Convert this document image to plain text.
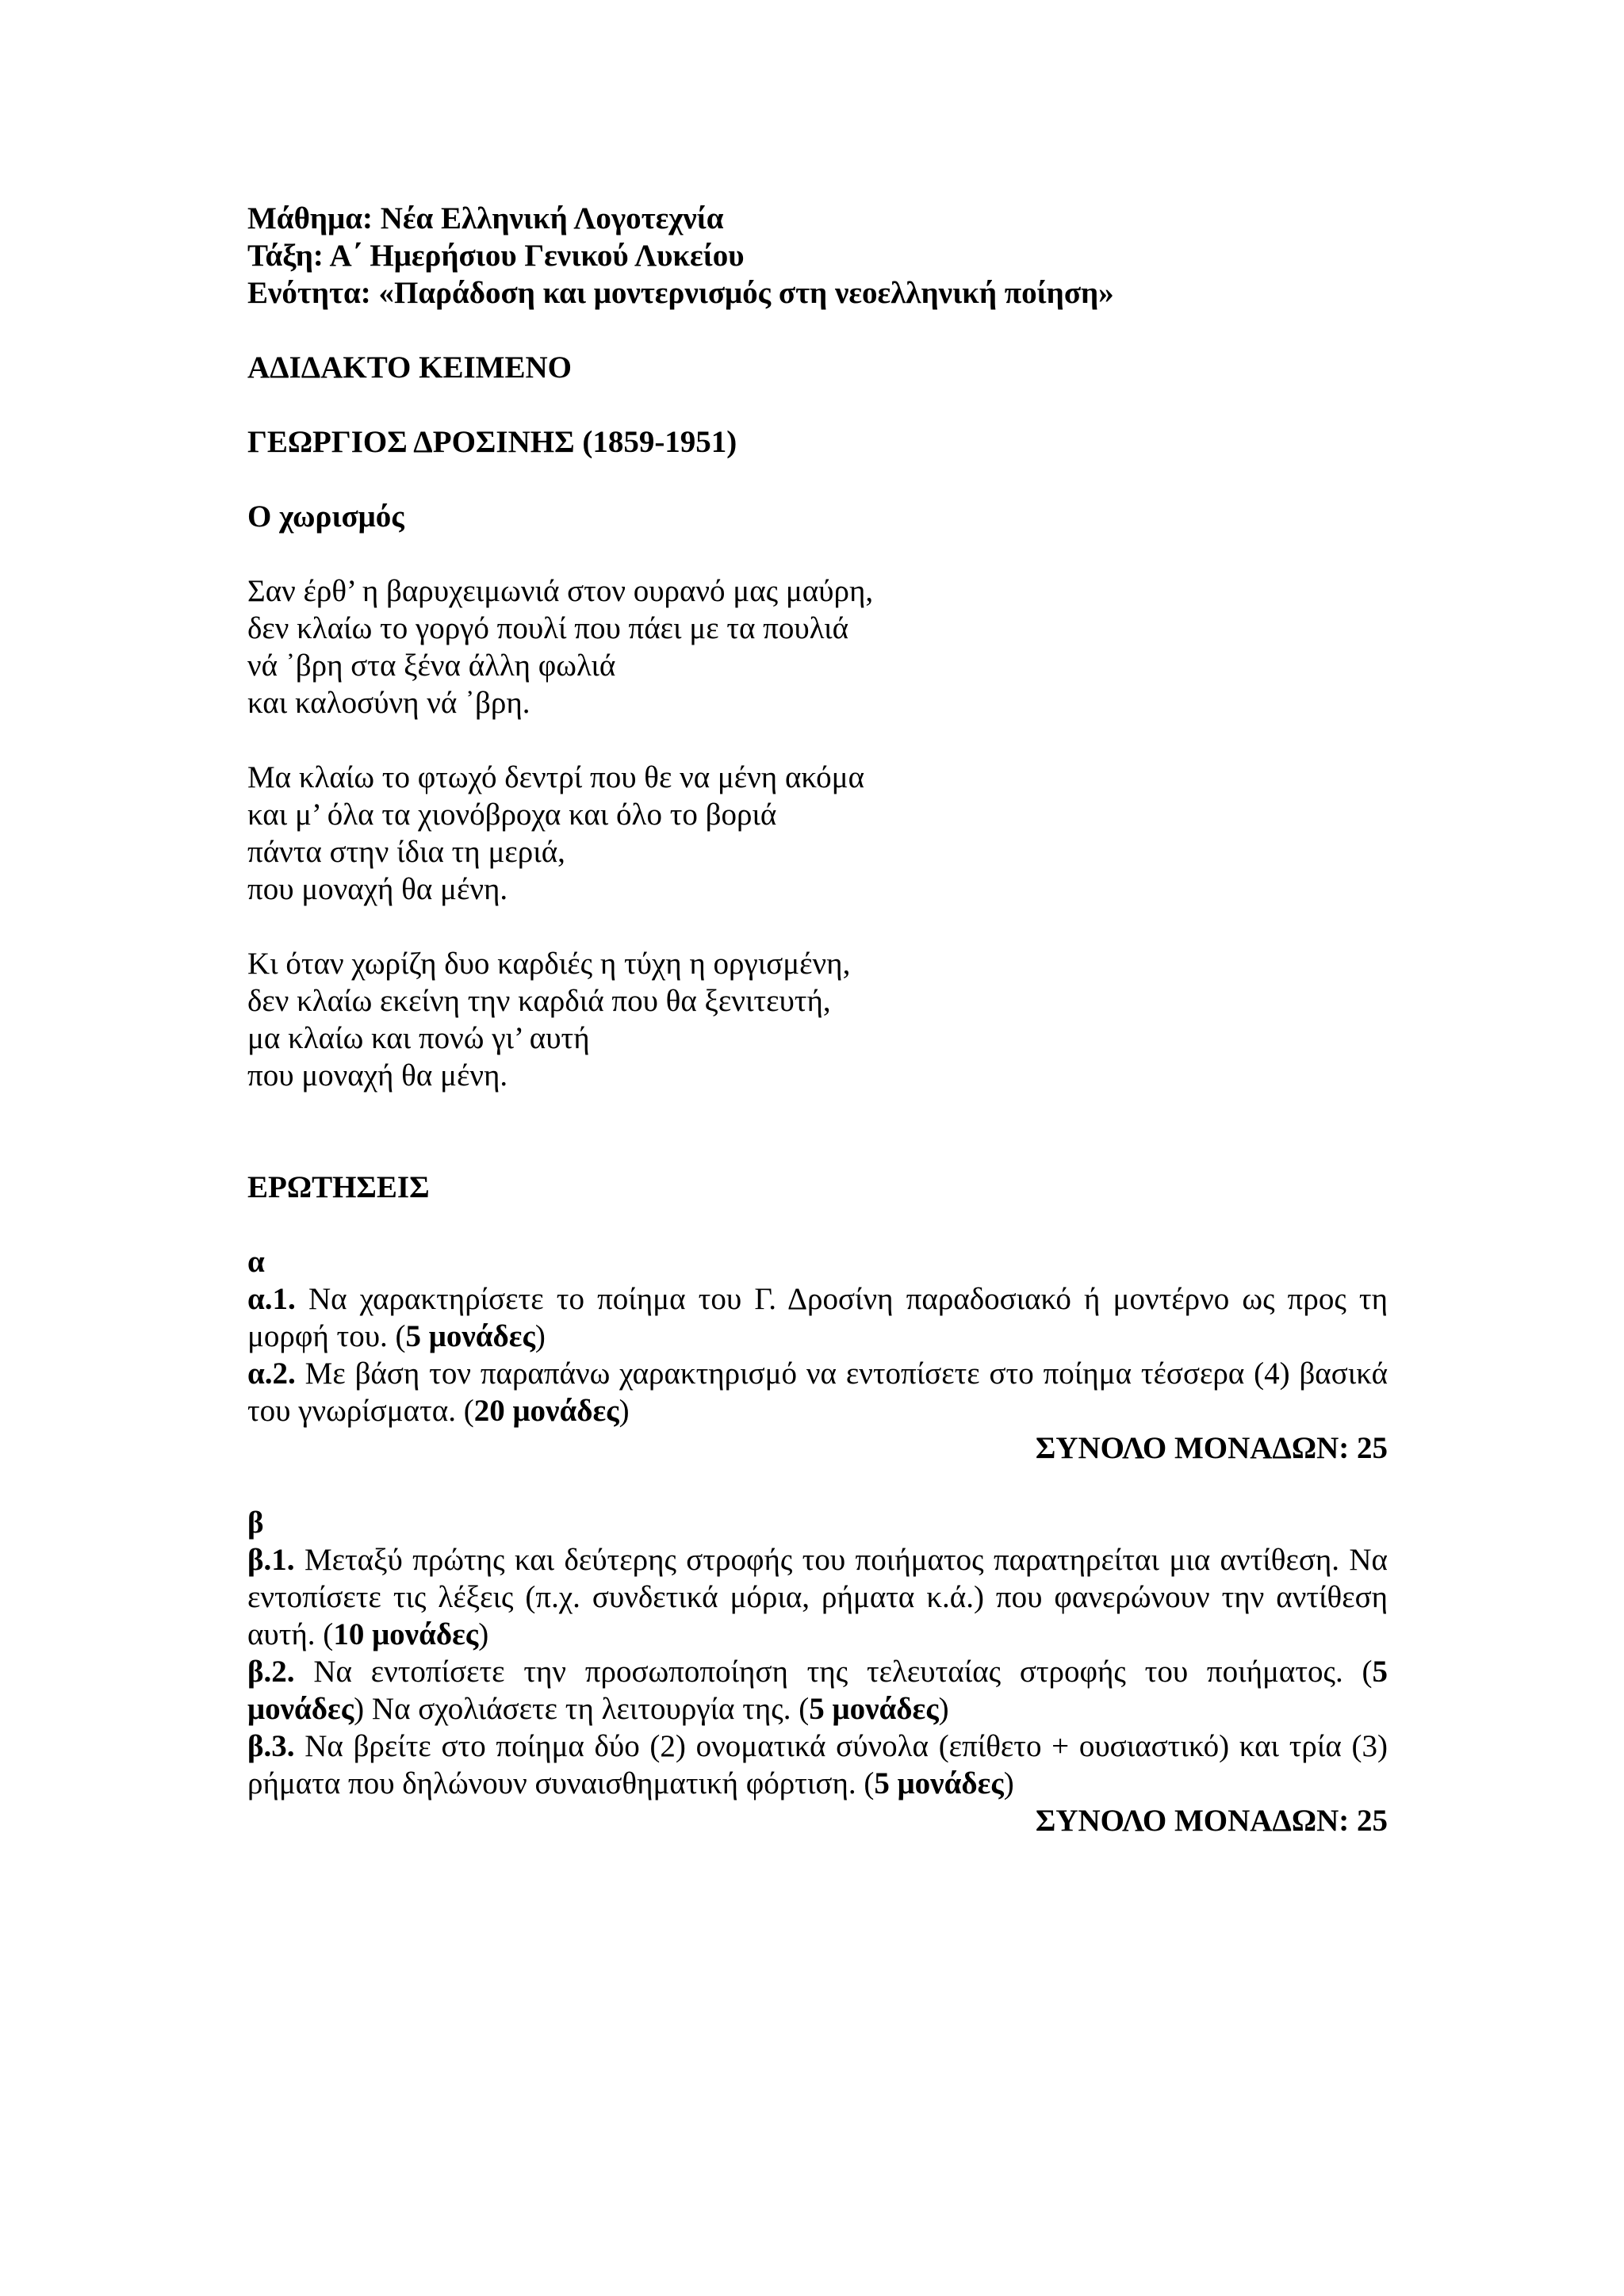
Μάθημα: Νέα Ελληνική Λογοτεχνία
Τάξη: Α΄ Ημερήσιου Γενικού Λυκείου
Ενότητα: «Παράδοση και μοντερνισμός στη νεοελληνική ποίηση»
ΑΔΙΔΑΚΤΟ ΚΕΙΜΕΝΟ
ΓΕΩΡΓΙΟΣ ΔΡΟΣΙΝΗΣ (1859-1951)
Ο χωρισμός
Σαν έρθ’ η βαρυχειμωνιά στον ουρανό μας μαύρη,
δεν κλαίω το γοργό πουλί που πάει με τα πουλιά
νά ᾽βρη στα ξένα άλλη φωλιά
και καλοσύνη νά ᾽βρη.
Μα κλαίω το φτωχό δεντρί που θε να μένη ακόμα
και μ’ όλα τα χιονόβροχα και όλο το βοριά
πάντα στην ίδια τη μεριά,
που μοναχή θα μένη.
Κι όταν χωρίζη δυο καρδιές η τύχη η οργισμένη,
δεν κλαίω εκείνη την καρδιά που θα ξενιτευτή,
μα κλαίω και πονώ γι’ αυτή
που μοναχή θα μένη.
ΕΡΩΤΗΣΕΙΣ
α
α.1. Να χαρακτηρίσετε το ποίημα του Γ. Δροσίνη παραδοσιακό ή μοντέρνο ως προς τη μορφή του. (5 μονάδες)
α.2. Με βάση τον παραπάνω χαρακτηρισμό να εντοπίσετε στο ποίημα τέσσερα (4) βασικά του γνωρίσματα. (20 μονάδες)
ΣΥΝΟΛΟ ΜΟΝΑΔΩΝ: 25
β
β.1. Μεταξύ πρώτης και δεύτερης στροφής του ποιήματος παρατηρείται μια αντίθεση. Να εντοπίσετε τις λέξεις (π.χ. συνδετικά μόρια, ρήματα κ.ά.) που φανερώνουν την αντίθεση αυτή. (10 μονάδες)
β.2. Να εντοπίσετε την προσωποποίηση της τελευταίας στροφής του ποιήματος. (5 μονάδες) Να σχολιάσετε τη λειτουργία της. (5 μονάδες)
β.3. Να βρείτε στο ποίημα δύο (2) ονοματικά σύνολα (επίθετο + ουσιαστικό) και τρία (3) ρήματα που δηλώνουν συναισθηματική φόρτιση. (5 μονάδες)
ΣΥΝΟΛΟ ΜΟΝΑΔΩΝ: 25
